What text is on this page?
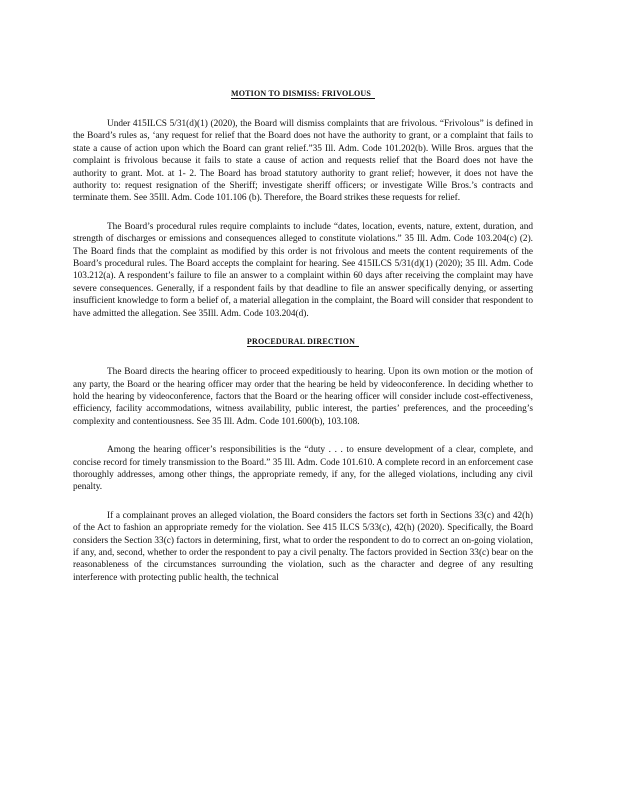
MOTION TO DISMISS: FRIVOLOUS

Under 415ILCS 5/31(d)(1) (2020), the Board will dismiss complaints that are frivolous. “Frivolous” is defined in the Board’s rules as, ‘any request for relief that the Board does not have the authority to grant, or a complaint that fails to state a cause of action upon which the Board can grant relief.”35 Ill. Adm. Code 101.202(b). Wille Bros. argues that the complaint is frivolous because it fails to state a cause of action and requests relief that the Board does not have the authority to grant. Mot. at 1- 2. The Board has broad statutory authority to grant relief; however, it does not have the authority to: request resignation of the Sheriff; investigate sheriff officers; or investigate Wille Bros.’s contracts and terminate them. See 35Ill. Adm. Code 101.106 (b). Therefore, the Board strikes these requests for relief.

The Board’s procedural rules require complaints to include “dates, location, events, nature, extent, duration, and strength of discharges or emissions and consequences alleged to constitute violations.” 35 Ill. Adm. Code 103.204(c) (2). The Board finds that the complaint as modified by this order is not frivolous and meets the content requirements of the Board’s procedural rules. The Board accepts the complaint for hearing. See 415ILCS 5/31(d)(1) (2020); 35 Ill. Adm. Code 103.212(a). A respondent’s failure to file an answer to a complaint within 60 days after receiving the complaint may have severe consequences. Generally, if a respondent fails by that deadline to file an answer specifically denying, or asserting insufficient knowledge to form a belief of, a material allegation in the complaint, the Board will consider that respondent to have admitted the allegation. See 35Ill. Adm. Code 103.204(d).

PROCEDURAL DIRECTION

The Board directs the hearing officer to proceed expeditiously to hearing. Upon its own motion or the motion of any party, the Board or the hearing officer may order that the hearing be held by videoconference. In deciding whether to hold the hearing by videoconference, factors that the Board or the hearing officer will consider include cost-effectiveness, efficiency, facility accommodations, witness availability, public interest, the parties’ preferences, and the proceeding’s complexity and contentiousness. See 35 Ill. Adm. Code 101.600(b), 103.108.

Among the hearing officer’s responsibilities is the “duty . . . to ensure development of a clear, complete, and concise record for timely transmission to the Board.” 35 Ill. Adm. Code 101.610. A complete record in an enforcement case thoroughly addresses, among other things, the appropriate remedy, if any, for the alleged violations, including any civil penalty.

If a complainant proves an alleged violation, the Board considers the factors set forth in Sections 33(c) and 42(h) of the Act to fashion an appropriate remedy for the violation. See 415 ILCS 5/33(c), 42(h) (2020). Specifically, the Board considers the Section 33(c) factors in determining, first, what to order the respondent to do to correct an on-going violation, if any, and, second, whether to order the respondent to pay a civil penalty. The factors provided in Section 33(c) bear on the reasonableness of the circumstances surrounding the violation, such as the character and degree of any resulting interference with protecting public health, the technical
